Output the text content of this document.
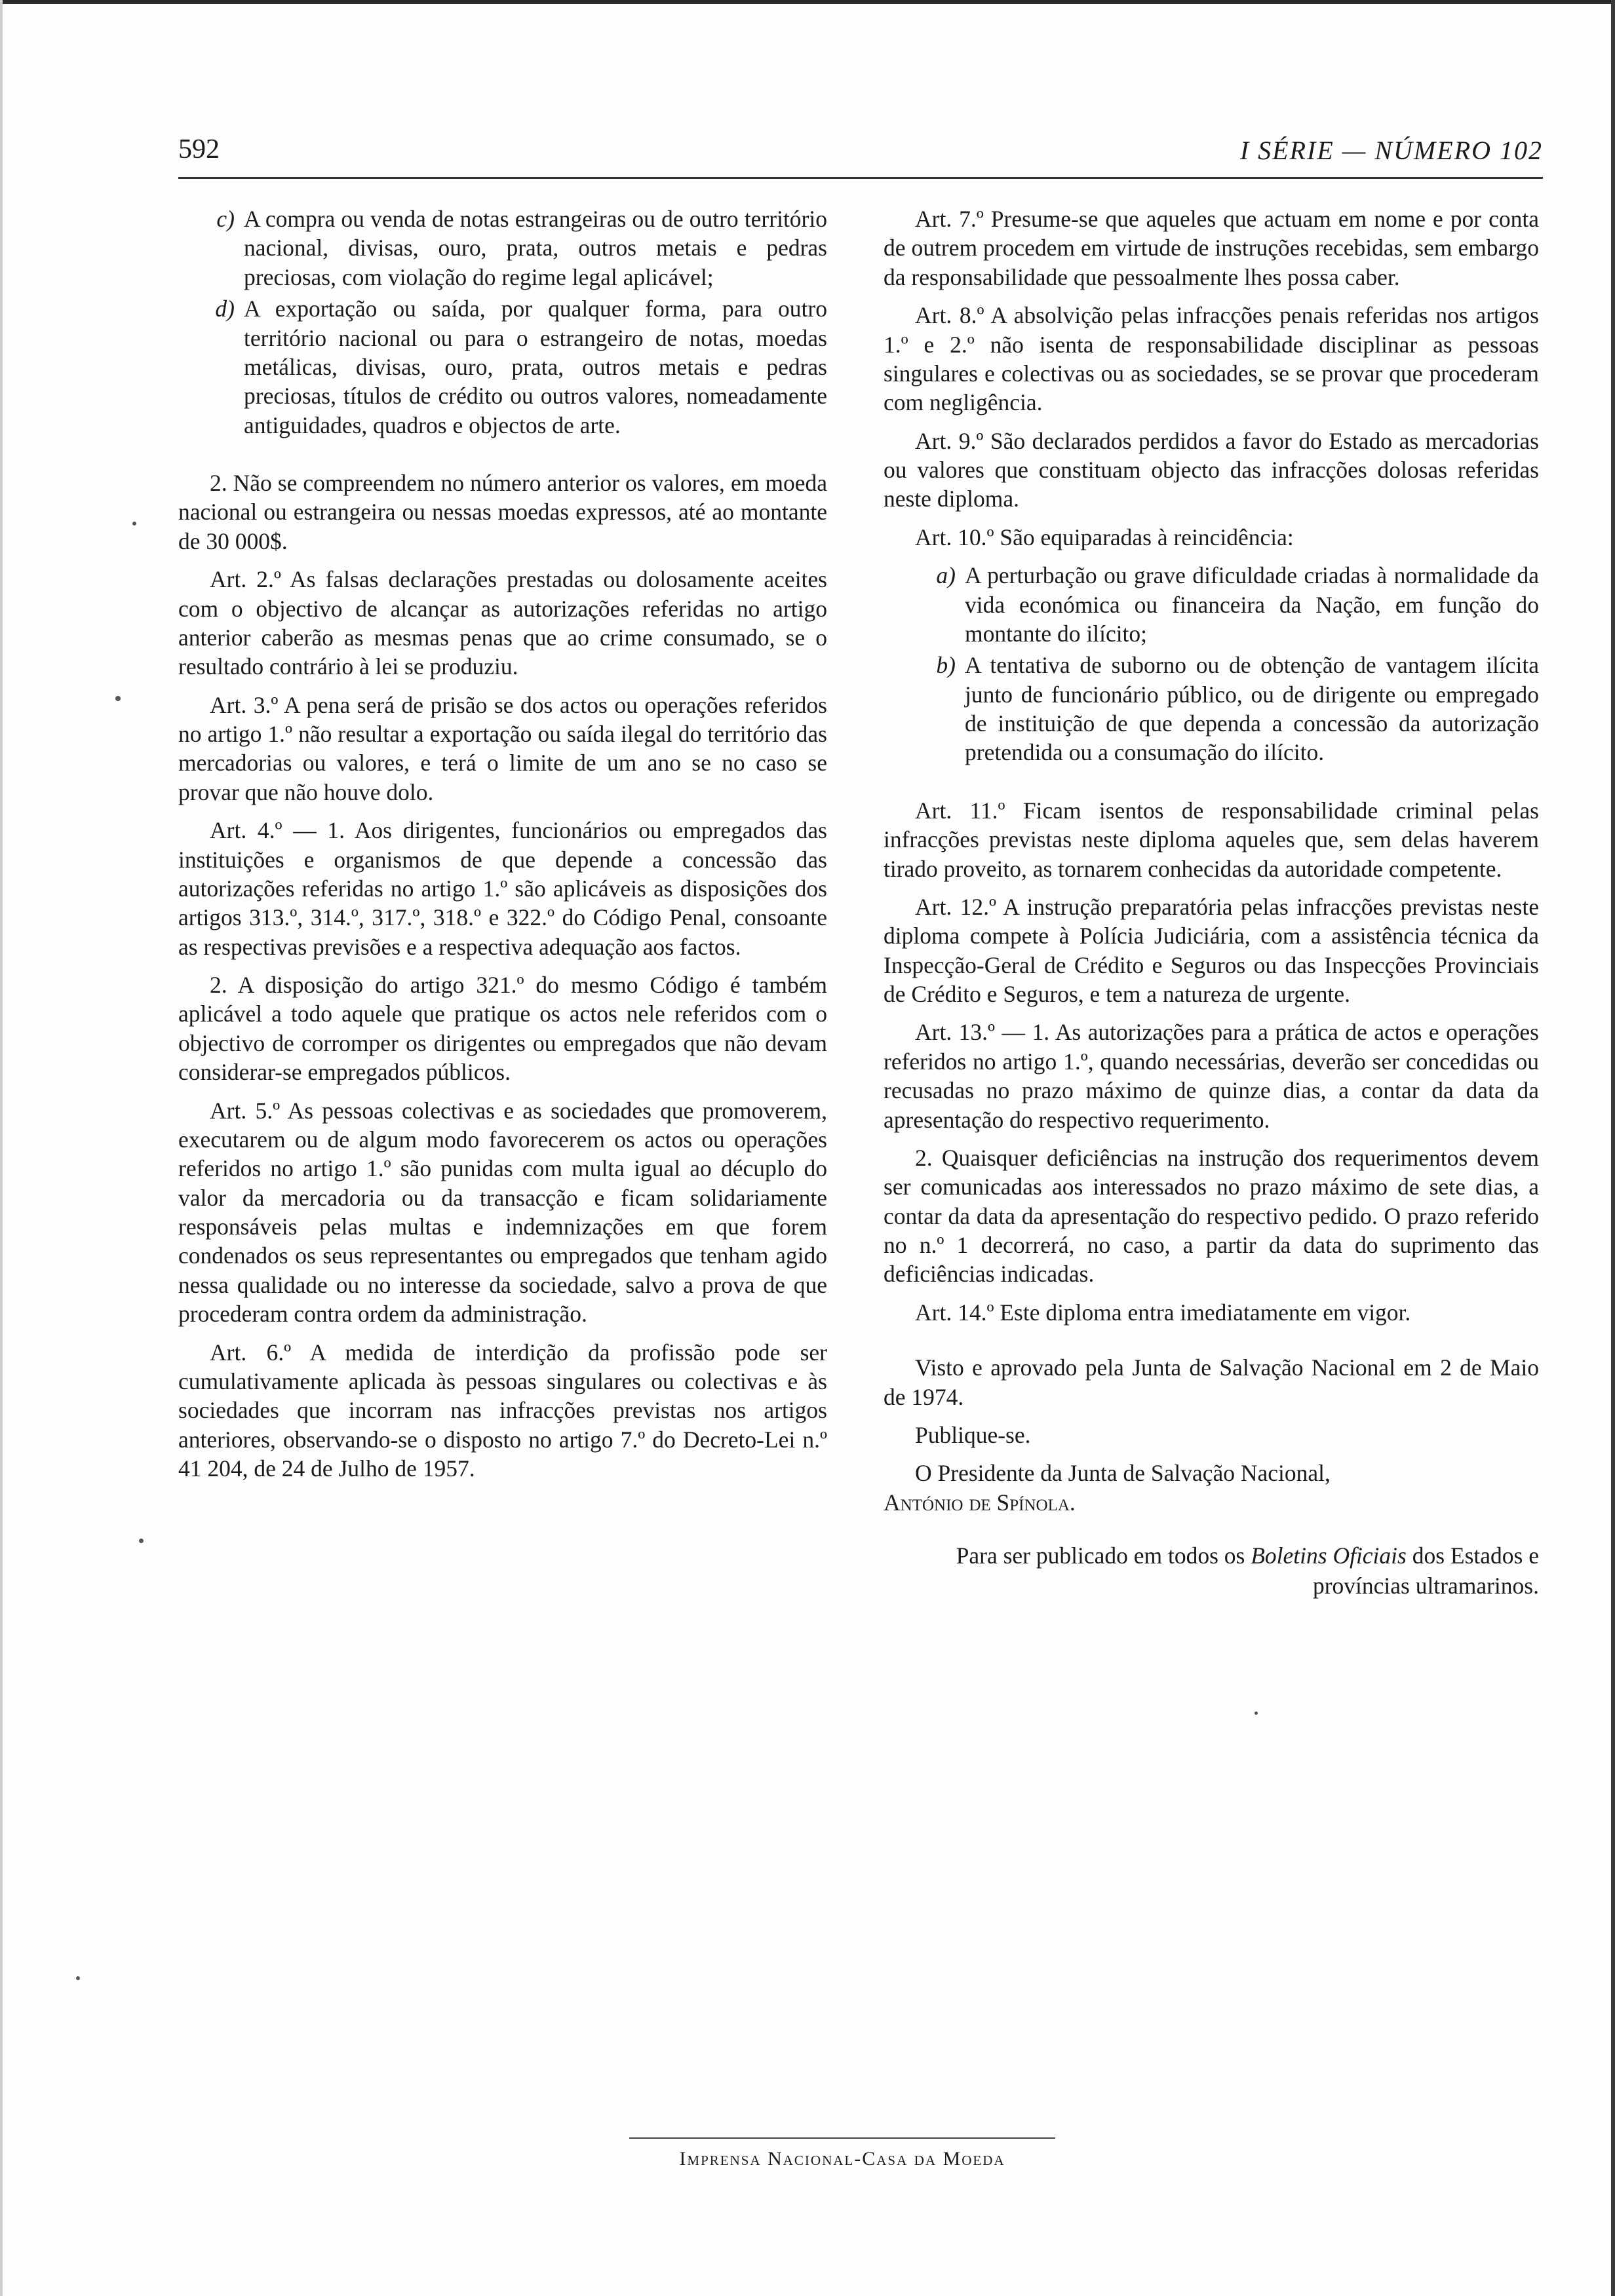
592	I SÉRIE — NÚMERO 102
c) A compra ou venda de notas estrangeiras ou de outro território nacional, divisas, ouro, prata, outros metais e pedras preciosas, com violação do regime legal aplicável;
d) A exportação ou saída, por qualquer forma, para outro território nacional ou para o estrangeiro de notas, moedas metálicas, divisas, ouro, prata, outros metais e pedras preciosas, títulos de crédito ou outros valores, nomeadamente antiguidades, quadros e objectos de arte.

2. Não se compreendem no número anterior os valores, em moeda nacional ou estrangeira ou nessas moedas expressos, até ao montante de 30 000$.

Art. 2.º As falsas declarações prestadas ou dolosamente aceites com o objectivo de alcançar as autorizações referidas no artigo anterior caberão as mesmas penas que ao crime consumado, se o resultado contrário à lei se produziu.

Art. 3.º A pena será de prisão se dos actos ou operações referidos no artigo 1.º não resultar a exportação ou saída ilegal do território das mercadorias ou valores, e terá o limite de um ano se no caso se provar que não houve dolo.

Art. 4.º — 1. Aos dirigentes, funcionários ou empregados das instituições e organismos de que depende a concessão das autorizações referidas no artigo 1.º são aplicáveis as disposições dos artigos 313.º, 314.º, 317.º, 318.º e 322.º do Código Penal, consoante as respectivas previsões e a respectiva adequação aos factos.

2. A disposição do artigo 321.º do mesmo Código é também aplicável a todo aquele que pratique os actos nele referidos com o objectivo de corromper os dirigentes ou empregados que não devam considerar-se empregados públicos.

Art. 5.º As pessoas colectivas e as sociedades que promoverem, executarem ou de algum modo favorecerem os actos ou operações referidos no artigo 1.º são punidas com multa igual ao décuplo do valor da mercadoria ou da transacção e ficam solidariamente responsáveis pelas multas e indemnizações em que forem condenados os seus representantes ou empregados que tenham agido nessa qualidade ou no interesse da sociedade, salvo a prova de que procederam contra ordem da administração.

Art. 6.º A medida de interdição da profissão pode ser cumulativamente aplicada às pessoas singulares ou colectivas e às sociedades que incorram nas infracções previstas nos artigos anteriores, observando-se o disposto no artigo 7.º do Decreto-Lei n.º 41 204, de 24 de Julho de 1957.

Art. 7.º Presume-se que aqueles que actuam em nome e por conta de outrem procedem em virtude de instruções recebidas, sem embargo da responsabilidade que pessoalmente lhes possa caber.

Art. 8.º A absolvição pelas infracções penais referidas nos artigos 1.º e 2.º não isenta de responsabilidade disciplinar as pessoas singulares e colectivas ou as sociedades, se se provar que procederam com negligência.

Art. 9.º São declarados perdidos a favor do Estado as mercadorias ou valores que constituam objecto das infracções dolosas referidas neste diploma.

Art. 10.º São equiparadas à reincidência:

a) A perturbação ou grave dificuldade criadas à normalidade da vida económica ou financeira da Nação, em função do montante do ilícito;
b) A tentativa de suborno ou de obtenção de vantagem ilícita junto de funcionário público, ou de dirigente ou empregado de instituição de que dependa a concessão da autorização pretendida ou a consumação do ilícito.

Art. 11.º Ficam isentos de responsabilidade criminal pelas infracções previstas neste diploma aqueles que, sem delas haverem tirado proveito, as tornarem conhecidas da autoridade competente.

Art. 12.º A instrução preparatória pelas infracções previstas neste diploma compete à Polícia Judiciária, com a assistência técnica da Inspecção-Geral de Crédito e Seguros ou das Inspecções Provinciais de Crédito e Seguros, e tem a natureza de urgente.

Art. 13.º — 1. As autorizações para a prática de actos e operações referidos no artigo 1.º, quando necessárias, deverão ser concedidas ou recusadas no prazo máximo de quinze dias, a contar da data da apresentação do respectivo requerimento.

2. Quaisquer deficiências na instrução dos requerimentos devem ser comunicadas aos interessados no prazo máximo de sete dias, a contar da data da apresentação do respectivo pedido. O prazo referido no n.º 1 decorrerá, no caso, a partir da data do suprimento das deficiências indicadas.

Art. 14.º Este diploma entra imediatamente em vigor.

Visto e aprovado pela Junta de Salvação Nacional em 2 de Maio de 1974.

Publique-se.

O Presidente da Junta de Salvação Nacional,
António de Spínola.

Para ser publicado em todos os Boletins Oficiais dos Estados e províncias ultramarinos.
Imprensa Nacional-Casa da Moeda
